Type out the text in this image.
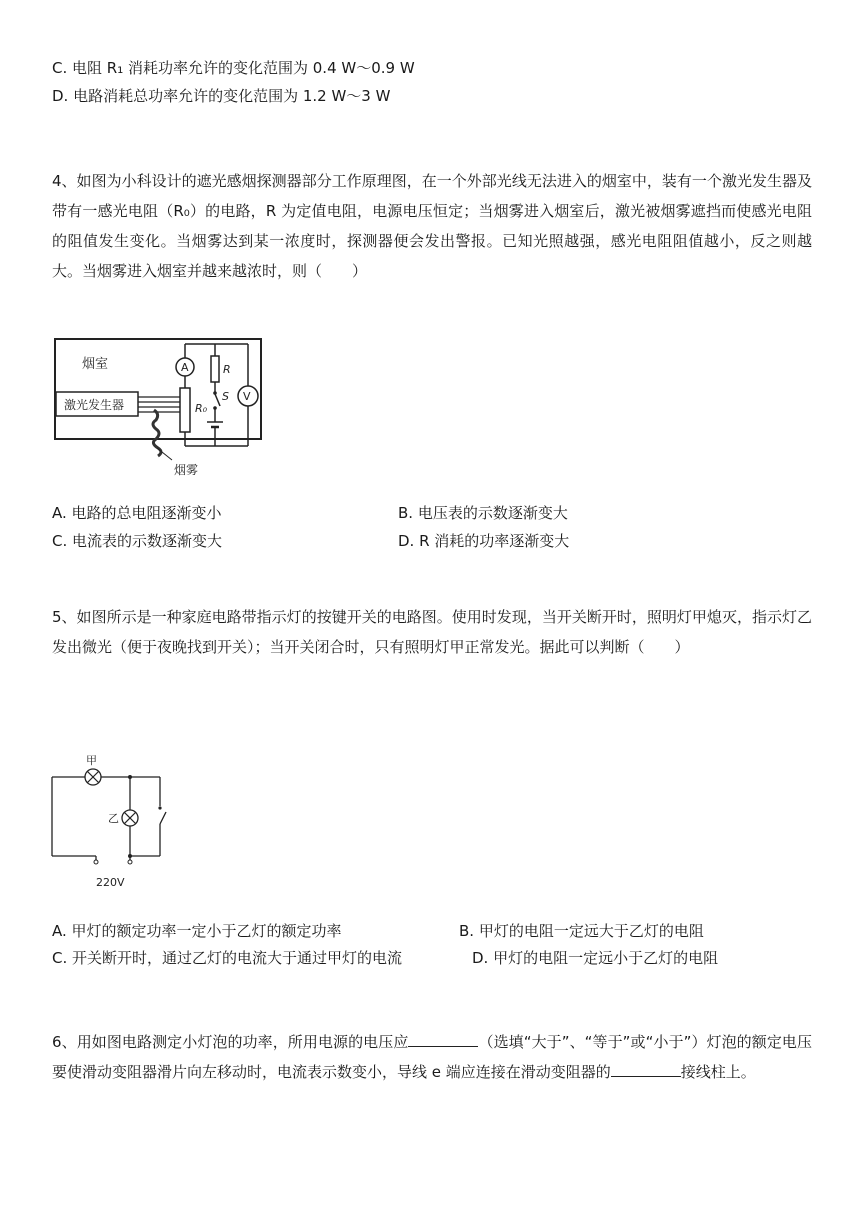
C. 电阻 R₁ 消耗功率允许的变化范围为 0.4 W～0.9 W
D. 电路消耗总功率允许的变化范围为 1.2 W～3 W
4、如图为小科设计的遮光感烟探测器部分工作原理图，在一个外部光线无法进入的烟室中，装有一个激光发生器及带有一感光电阻（R₀）的电路，R 为定值电阻，电源电压恒定；当烟雾进入烟室后，激光被烟雾遮挡而使感光电阻的阻值发生变化。当烟雾达到某一浓度时，探测器便会发出警报。已知光照越强，感光电阻阻值越小，反之则越大。当烟雾进入烟室并越来越浓时，则（　　）
烟室
激光发生器
烟雾
A
R₀
R
S V
A. 电路的总电阻逐渐变小	B. 电压表的示数逐渐变大
C. 电流表的示数逐渐变大	D. R 消耗的功率逐渐变大
5、如图所示是一种家庭电路带指示灯的按键开关的电路图。使用时发现，当开关断开时，照明灯甲熄灭，指示灯乙发出微光（便于夜晚找到开关）；当开关闭合时，只有照明灯甲正常发光。据此可以判断（　　）
甲
乙
220V
A. 甲灯的额定功率一定小于乙灯的额定功率	B. 甲灯的电阻一定远大于乙灯的电阻
C. 开关断开时，通过乙灯的电流大于通过甲灯的电流	D. 甲灯的电阻一定远小于乙灯的电阻
6、用如图电路测定小灯泡的功率，所用电源的电压应	（选填“大于”、“等于”或“小于”）灯泡的额定电压要使滑动变阻器滑片向左移动时，电流表示数变小，导线 e 端应连接在滑动变阻器的	接线柱上。
